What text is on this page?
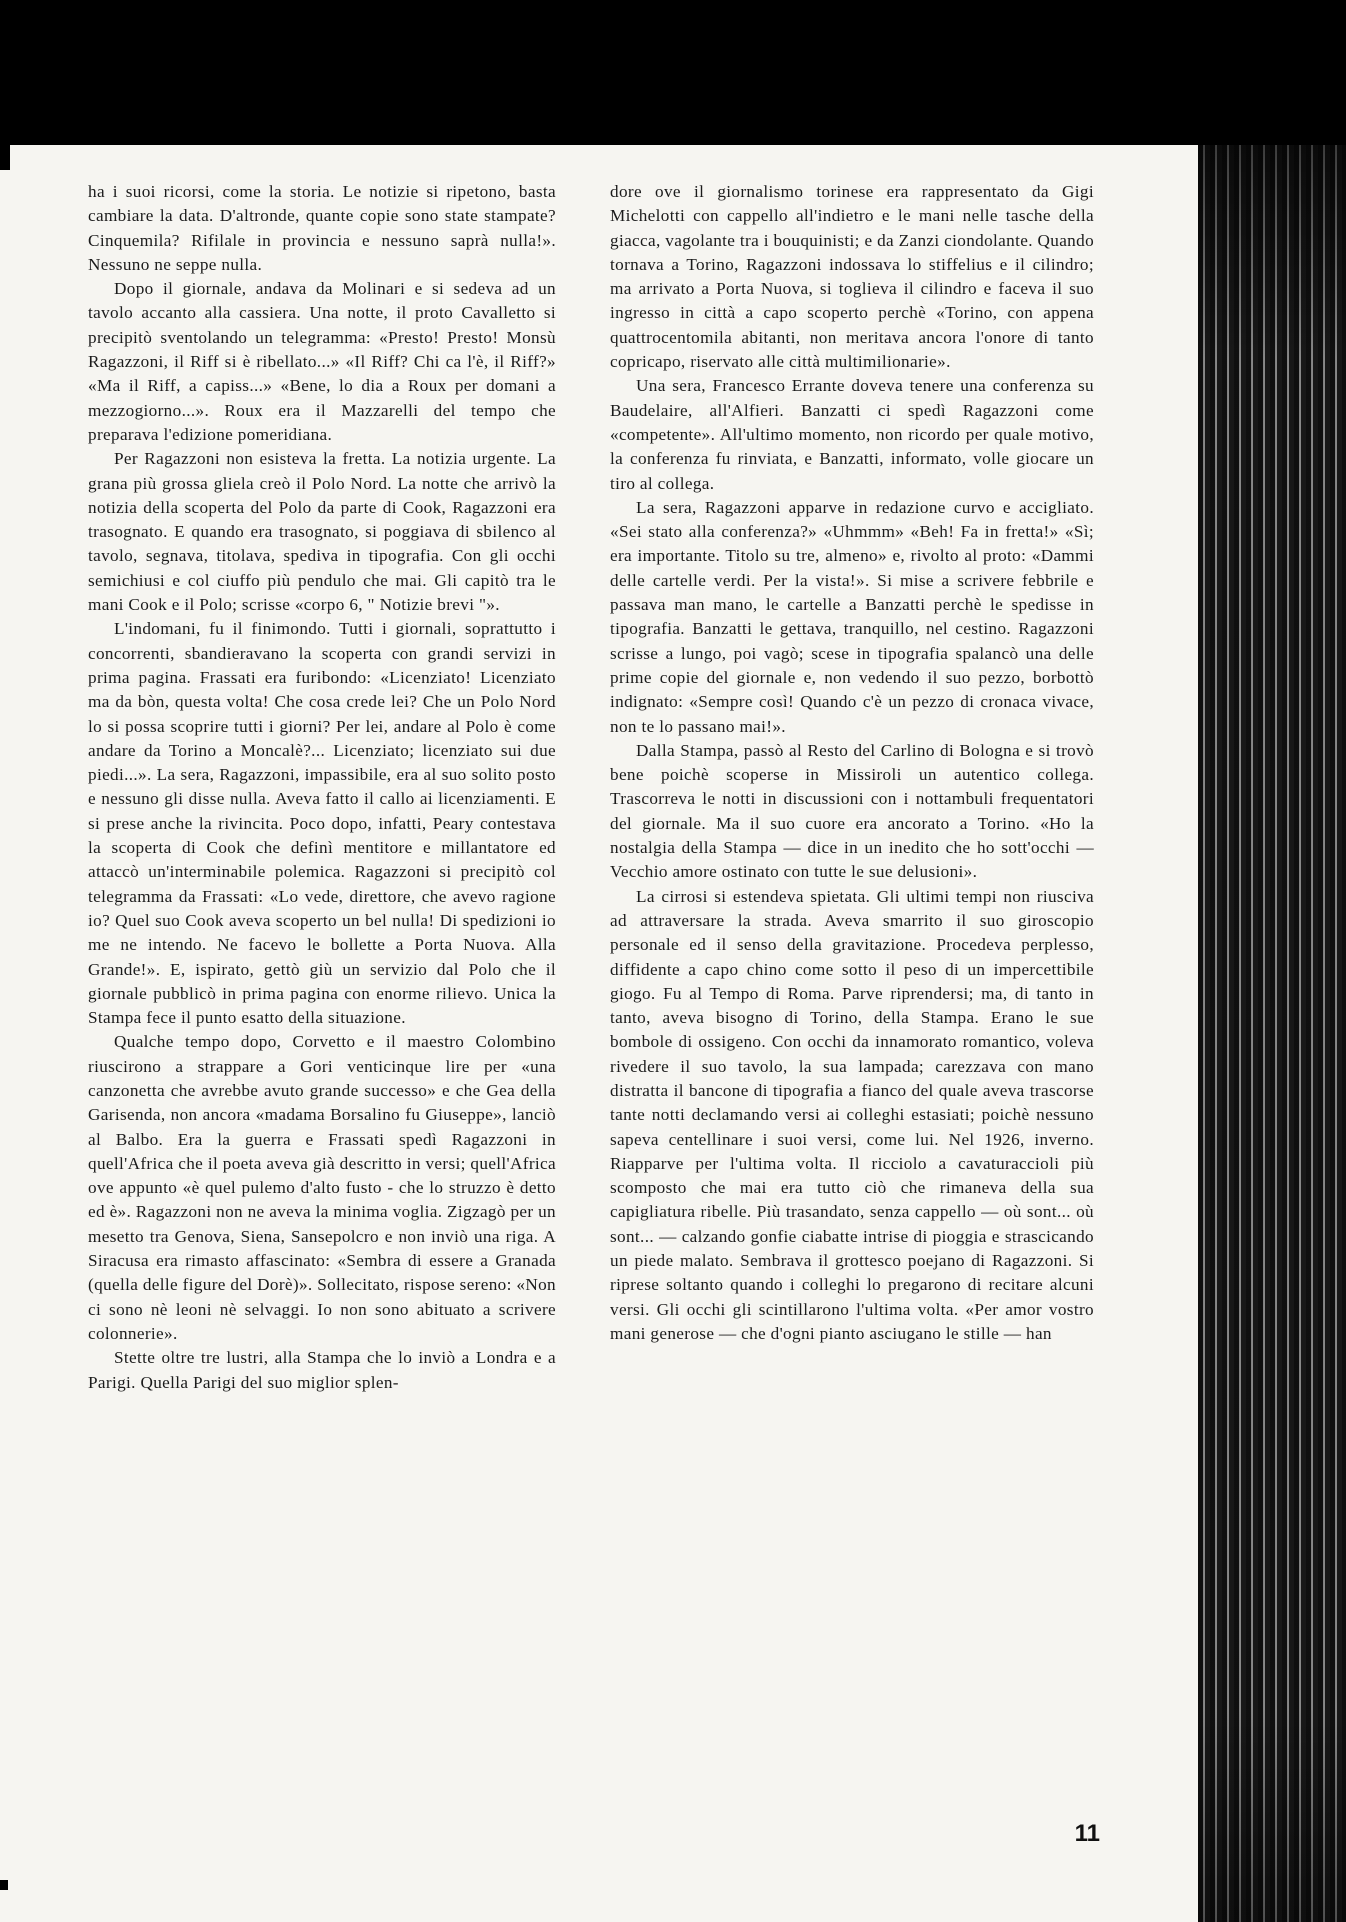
ha i suoi ricorsi, come la storia. Le notizie si ripetono, basta cambiare la data. D'altronde, quante copie sono state stampate? Cinquemila? Rifilale in provincia e nessuno saprà nulla!». Nessuno ne seppe nulla.

Dopo il giornale, andava da Molinari e si sedeva ad un tavolo accanto alla cassiera. Una notte, il proto Cavalletto si precipitò sventolando un telegramma: «Presto! Presto! Monsù Ragazzoni, il Riff si è ribellato...» «Il Riff? Chi ca l'è, il Riff?» «Ma il Riff, a capiss...» «Bene, lo dia a Roux per domani a mezzogiorno...». Roux era il Mazzarelli del tempo che preparava l'edizione pomeridiana.

Per Ragazzoni non esisteva la fretta. La notizia urgente. La grana più grossa gliela creò il Polo Nord. La notte che arrivò la notizia della scoperta del Polo da parte di Cook, Ragazzoni era trasognato. E quando era trasognato, si poggiava di sbilenco al tavolo, segnava, titolava, spediva in tipografia. Con gli occhi semichiusi e col ciuffo più pendulo che mai. Gli capitò tra le mani Cook e il Polo; scrisse «corpo 6, " Notizie brevi "».

L'indomani, fu il finimondo. Tutti i giornali, soprattutto i concorrenti, sbandieravano la scoperta con grandi servizi in prima pagina. Frassati era furibondo: «Licenziato! Licenziato ma da bòn, questa volta! Che cosa crede lei? Che un Polo Nord lo si possa scoprire tutti i giorni? Per lei, andare al Polo è come andare da Torino a Moncalè?... Licenziato; licenziato sui due piedi...». La sera, Ragazzoni, impassibile, era al suo solito posto e nessuno gli disse nulla. Aveva fatto il callo ai licenziamenti. E si prese anche la rivincita. Poco dopo, infatti, Peary contestava la scoperta di Cook che definì mentitore e millantatore ed attaccò un'interminabile polemica. Ragazzoni si precipitò col telegramma da Frassati: «Lo vede, direttore, che avevo ragione io? Quel suo Cook aveva scoperto un bel nulla! Di spedizioni io me ne intendo. Ne facevo le bollette a Porta Nuova. Alla Grande!». E, ispirato, gettò giù un servizio dal Polo che il giornale pubblicò in prima pagina con enorme rilievo. Unica la Stampa fece il punto esatto della situazione.

Qualche tempo dopo, Corvetto e il maestro Colombino riuscirono a strappare a Gori venticinque lire per «una canzonetta che avrebbe avuto grande successo» e che Gea della Garisenda, non ancora «madama Borsalino fu Giuseppe», lanciò al Balbo. Era la guerra e Frassati spedì Ragazzoni in quell'Africa che il poeta aveva già descritto in versi; quell'Africa ove appunto «è quel pulemo d'alto fusto - che lo struzzo è detto ed è». Ragazzoni non ne aveva la minima voglia. Zigzagò per un mesetto tra Genova, Siena, Sansepolcro e non inviò una riga. A Siracusa era rimasto affascinato: «Sembra di essere a Granada (quella delle figure del Dorè)». Sollecitato, rispose sereno: «Non ci sono nè leoni nè selvaggi. Io non sono abituato a scrivere colonnerie».

Stette oltre tre lustri, alla Stampa che lo inviò a Londra e a Parigi. Quella Parigi del suo miglior splen-

dore ove il giornalismo torinese era rappresentato da Gigi Michelotti con cappello all'indietro e le mani nelle tasche della giacca, vagolante tra i bouquinisti; e da Zanzi ciondolante. Quando tornava a Torino, Ragazzoni indossava lo stiffelius e il cilindro; ma arrivato a Porta Nuova, si toglieva il cilindro e faceva il suo ingresso in città a capo scoperto perchè «Torino, con appena quattrocentomila abitanti, non meritava ancora l'onore di tanto copricapo, riservato alle città multimilionarie».

Una sera, Francesco Errante doveva tenere una conferenza su Baudelaire, all'Alfieri. Banzatti ci spedì Ragazzoni come «competente». All'ultimo momento, non ricordo per quale motivo, la conferenza fu rinviata, e Banzatti, informato, volle giocare un tiro al collega.

La sera, Ragazzoni apparve in redazione curvo e accigliato. «Sei stato alla conferenza?» «Uhmmm» «Beh! Fa in fretta!» «Sì; era importante. Titolo su tre, almeno» e, rivolto al proto: «Dammi delle cartelle verdi. Per la vista!». Si mise a scrivere febbrile e passava man mano, le cartelle a Banzatti perchè le spedisse in tipografia. Banzatti le gettava, tranquillo, nel cestino. Ragazzoni scrisse a lungo, poi vagò; scese in tipografia spalancò una delle prime copie del giornale e, non vedendo il suo pezzo, borbottò indignato: «Sempre così! Quando c'è un pezzo di cronaca vivace, non te lo passano mai!».

Dalla Stampa, passò al Resto del Carlino di Bologna e si trovò bene poichè scoperse in Missiroli un autentico collega. Trascorreva le notti in discussioni con i nottambuli frequentatori del giornale. Ma il suo cuore era ancorato a Torino. «Ho la nostalgia della Stampa — dice in un inedito che ho sott'occhi — Vecchio amore ostinato con tutte le sue delusioni».

La cirrosi si estendeva spietata. Gli ultimi tempi non riusciva ad attraversare la strada. Aveva smarrito il suo giroscopio personale ed il senso della gravitazione. Procedeva perplesso, diffidente a capo chino come sotto il peso di un impercettibile giogo. Fu al Tempo di Roma. Parve riprendersi; ma, di tanto in tanto, aveva bisogno di Torino, della Stampa. Erano le sue bombole di ossigeno. Con occhi da innamorato romantico, voleva rivedere il suo tavolo, la sua lampada; carezzava con mano distratta il bancone di tipografia a fianco del quale aveva trascorse tante notti declamando versi ai colleghi estasiati; poichè nessuno sapeva centellinare i suoi versi, come lui. Nel 1926, inverno. Riapparve per l'ultima volta. Il ricciolo a cavaturaccioli più scomposto che mai era tutto ciò che rimaneva della sua capigliatura ribelle. Più trasandato, senza cappello — où sont... où sont... — calzando gonfie ciabatte intrise di pioggia e strascicando un piede malato. Sembrava il grottesco poejano di Ragazzoni. Si riprese soltanto quando i colleghi lo pregarono di recitare alcuni versi. Gli occhi gli scintillarono l'ultima volta. «Per amor vostro mani generose — che d'ogni pianto asciugano le stille — han

11
